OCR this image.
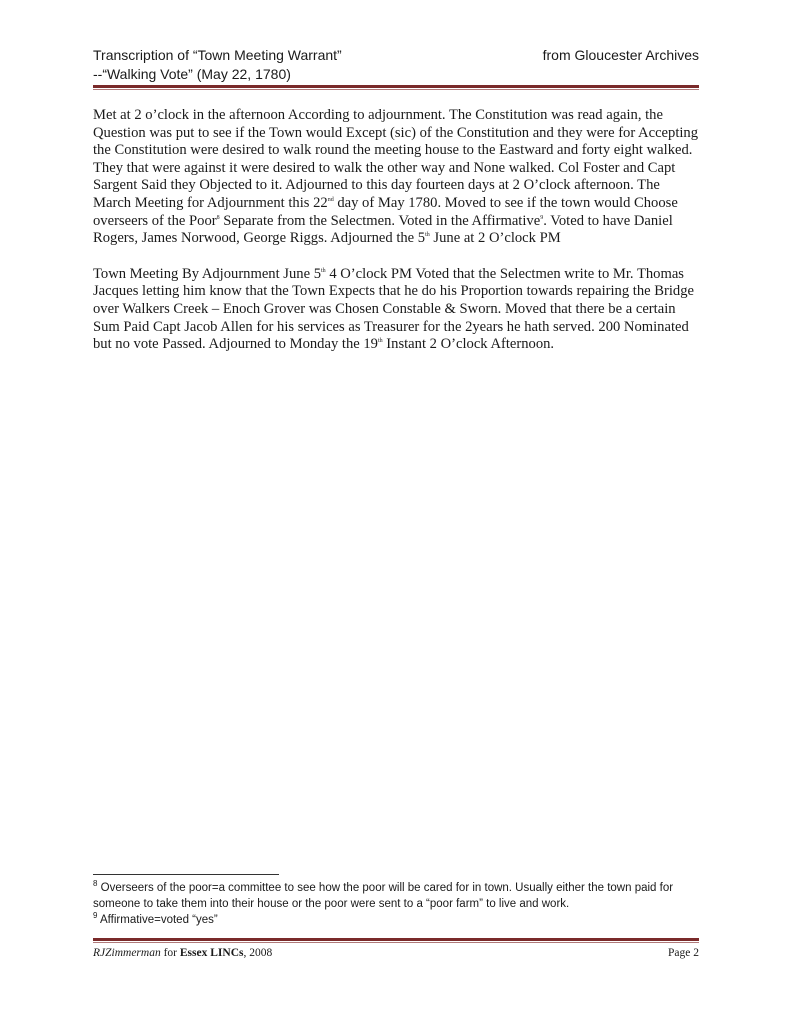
Transcription of “Town Meeting Warrant”
--“Walking Vote” (May 22, 1780)
from Gloucester Archives

Met at 2 o’clock in the afternoon According to adjournment. The Constitution was read again, the Question was put to see if the Town would Except (sic) of the Constitution and they were for Accepting the Constitution were desired to walk round the meeting house to the Eastward and forty eight walked. They that were against it were desired to walk the other way and None walked. Col Foster and Capt Sargent Said they Objected to it. Adjourned to this day fourteen days at 2 O’clock afternoon. The March Meeting for Adjournment this 22nd day of May 1780. Moved to see if the town would Choose overseers of the Poor$^8$ Separate from the Selectmen. Voted in the Affirmative$^9$. Voted to have Daniel Rogers, James Norwood, George Riggs. Adjourned the 5th June at 2 O’clock PM

Town Meeting By Adjournment June 5th 4 O’clock PM Voted that the Selectmen write to Mr. Thomas Jacques letting him know that the Town Expects that he do his Proportion towards repairing the Bridge over Walkers Creek – Enoch Grover was Chosen Constable & Sworn. Moved that there be a certain Sum Paid Capt Jacob Allen for his services as Treasurer for the 2years he hath served. 200 Nominated but no vote Passed. Adjourned to Monday the 19th Instant 2 O’clock Afternoon.

$^8$ Overseers of the poor=a committee to see how the poor will be cared for in town. Usually either the town paid for someone to take them into their house or the poor were sent to a “poor farm” to live and work.

$^9$ Affirmative=voted “yes”

RJZimmerman for Essex LINCs, 2008	Page 2
